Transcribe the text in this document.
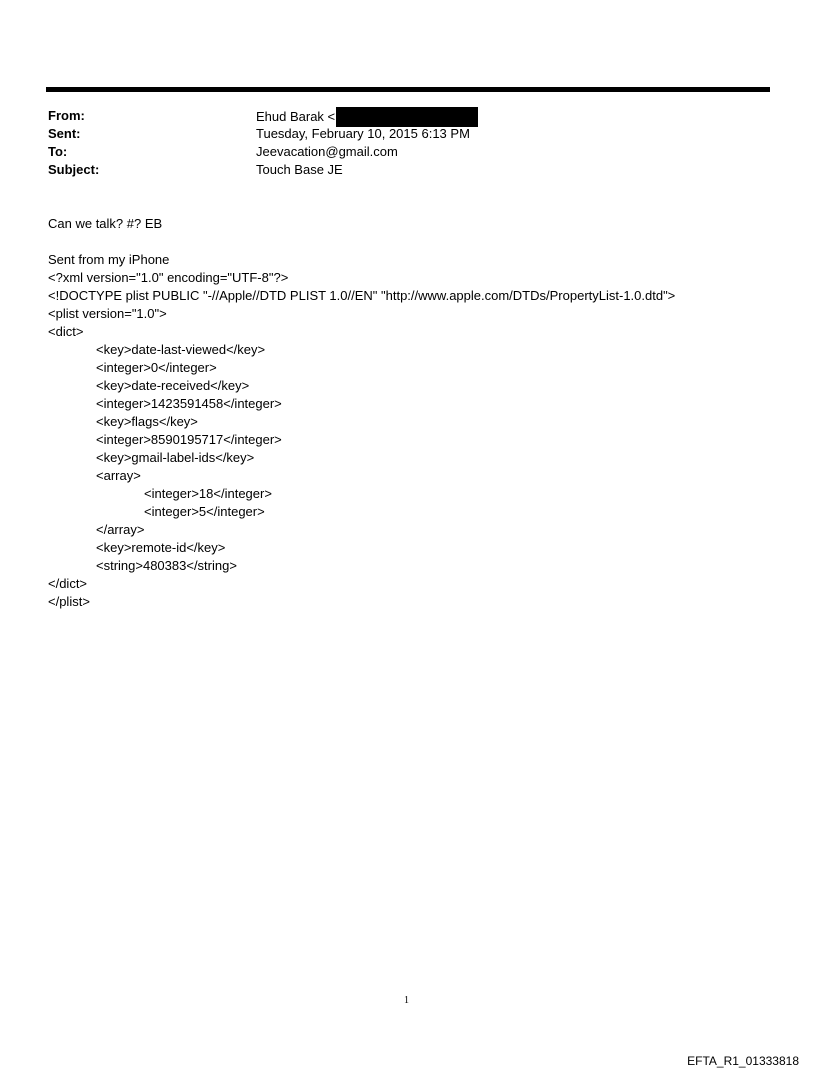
From:	Ehud Barak <
Sent:	Tuesday, February 10, 2015 6:13 PM
To:	Jeevacation@gmail.com
Subject:	Touch Base JE
Can we talk? #? EB
Sent from my iPhone
<?xml version="1.0" encoding="UTF-8"?>
<!DOCTYPE plist PUBLIC "-//Apple//DTD PLIST 1.0//EN" "http://www.apple.com/DTDs/PropertyList-1.0.dtd">
<plist version="1.0">
<dict>
<key>date-last-viewed</key>
<integer>0</integer>
<key>date-received</key>
<integer>1423591458</integer>
<key>flags</key>
<integer>8590195717</integer>
<key>gmail-label-ids</key>
<array>
<integer>18</integer>
<integer>5</integer>
</array>
<key>remote-id</key>
<string>480383</string>
</dict>
</plist>
1
EFTA_R1_01333818
